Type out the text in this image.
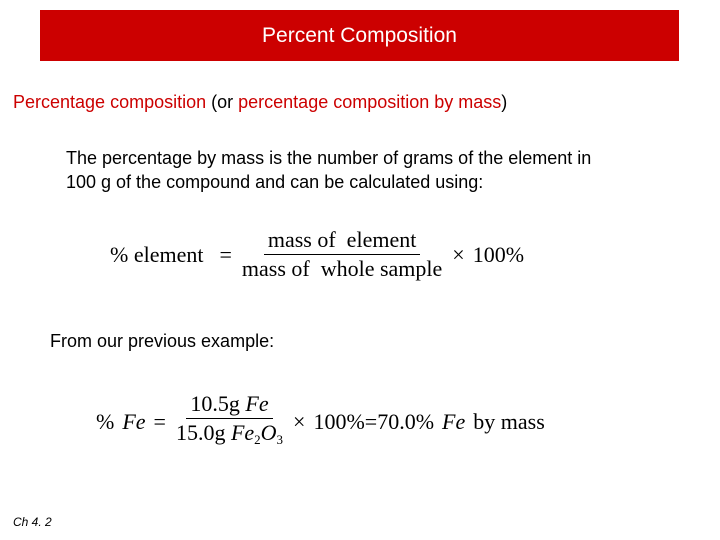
Percent Composition
Percentage composition (or percentage composition by mass)
The percentage by mass is the number of grams of the element in
100 g of the compound and can be calculated using:
% element = $\frac{\text{mass of  element}}{\text{mass of  whole sample}} \times 100\%$
From our previous example:
% $Fe = \frac{\text{10.5g Fe}}{15.0g Fe_2O_3} \times 100\% = 70.0\%$ Fe by mass
Ch 4. 2
